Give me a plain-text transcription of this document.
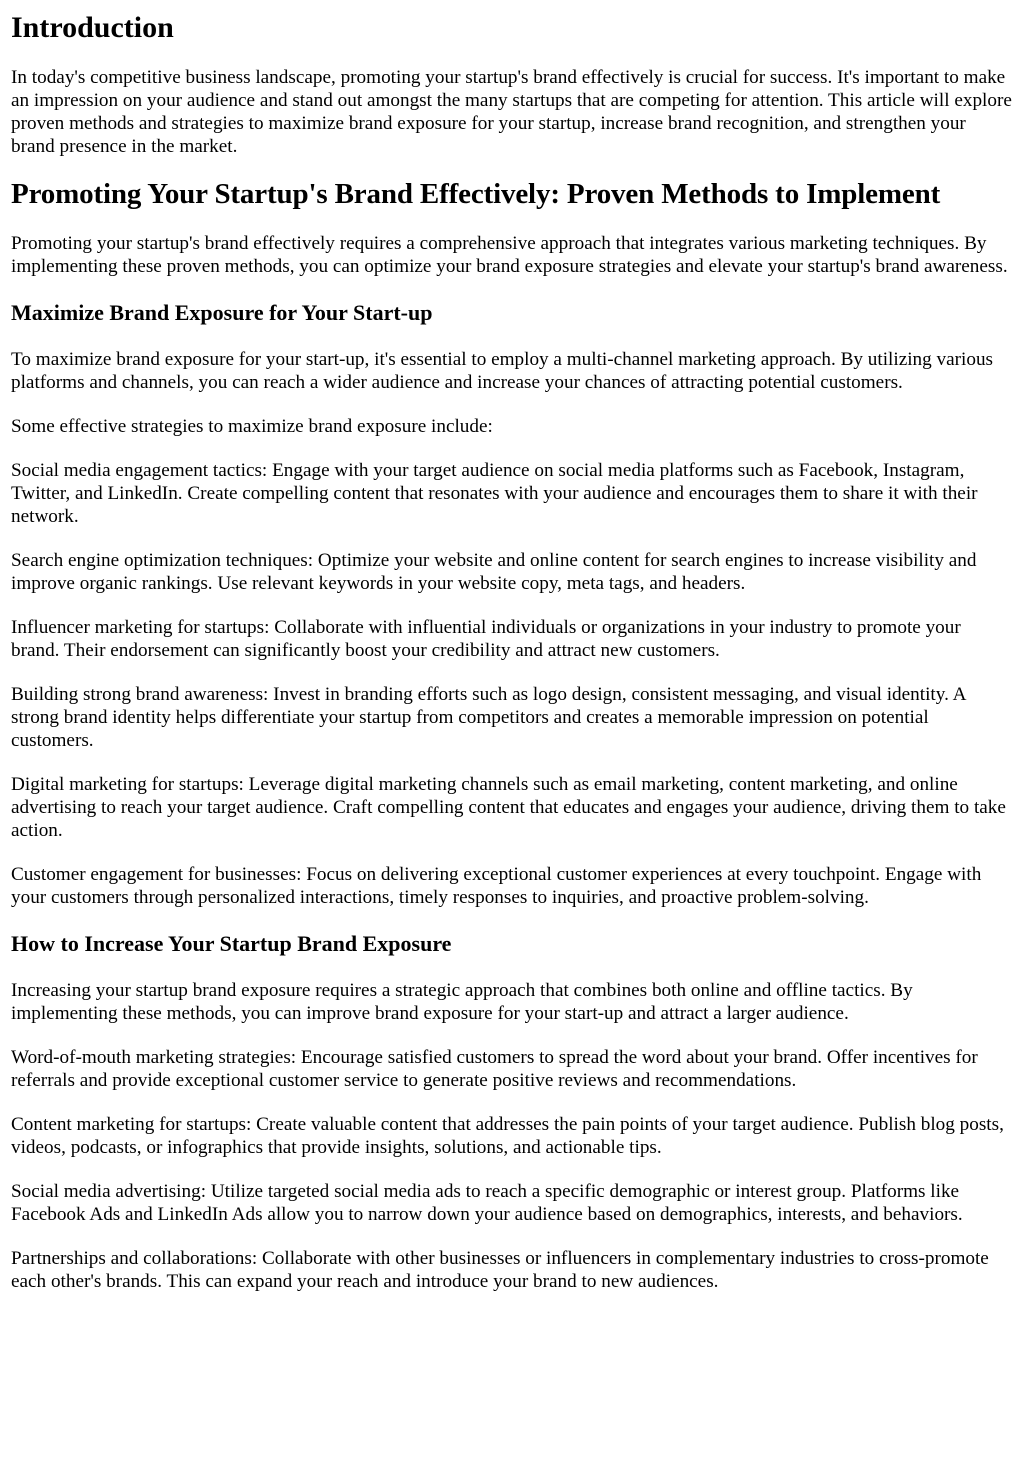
Introduction

In today's competitive business landscape, promoting your startup's brand effectively is crucial for success. It's important to make an impression on your audience and stand out amongst the many startups that are competing for attention. This article will explore proven methods and strategies to maximize brand exposure for your startup, increase brand recognition, and strengthen your brand presence in the market.

Promoting Your Startup's Brand Effectively: Proven Methods to Implement

Promoting your startup's brand effectively requires a comprehensive approach that integrates various marketing techniques. By implementing these proven methods, you can optimize your brand exposure strategies and elevate your startup's brand awareness.

Maximize Brand Exposure for Your Start-up

To maximize brand exposure for your start-up, it's essential to employ a multi-channel marketing approach. By utilizing various platforms and channels, you can reach a wider audience and increase your chances of attracting potential customers.

Some effective strategies to maximize brand exposure include:

Social media engagement tactics: Engage with your target audience on social media platforms such as Facebook, Instagram, Twitter, and LinkedIn. Create compelling content that resonates with your audience and encourages them to share it with their network.

Search engine optimization techniques: Optimize your website and online content for search engines to increase visibility and improve organic rankings. Use relevant keywords in your website copy, meta tags, and headers.

Influencer marketing for startups: Collaborate with influential individuals or organizations in your industry to promote your brand. Their endorsement can significantly boost your credibility and attract new customers.

Building strong brand awareness: Invest in branding efforts such as logo design, consistent messaging, and visual identity. A strong brand identity helps differentiate your startup from competitors and creates a memorable impression on potential customers.

Digital marketing for startups: Leverage digital marketing channels such as email marketing, content marketing, and online advertising to reach your target audience. Craft compelling content that educates and engages your audience, driving them to take action.

Customer engagement for businesses: Focus on delivering exceptional customer experiences at every touchpoint. Engage with your customers through personalized interactions, timely responses to inquiries, and proactive problem-solving.

How to Increase Your Startup Brand Exposure

Increasing your startup brand exposure requires a strategic approach that combines both online and offline tactics. By implementing these methods, you can improve brand exposure for your start-up and attract a larger audience.

Word-of-mouth marketing strategies: Encourage satisfied customers to spread the word about your brand. Offer incentives for referrals and provide exceptional customer service to generate positive reviews and recommendations.

Content marketing for startups: Create valuable content that addresses the pain points of your target audience. Publish blog posts, videos, podcasts, or infographics that provide insights, solutions, and actionable tips.

Social media advertising: Utilize targeted social media ads to reach a specific demographic or interest group. Platforms like Facebook Ads and LinkedIn Ads allow you to narrow down your audience based on demographics, interests, and behaviors.

Partnerships and collaborations: Collaborate with other businesses or influencers in complementary industries to cross-promote each other's brands. This can expand your reach and introduce your brand to new audiences.
